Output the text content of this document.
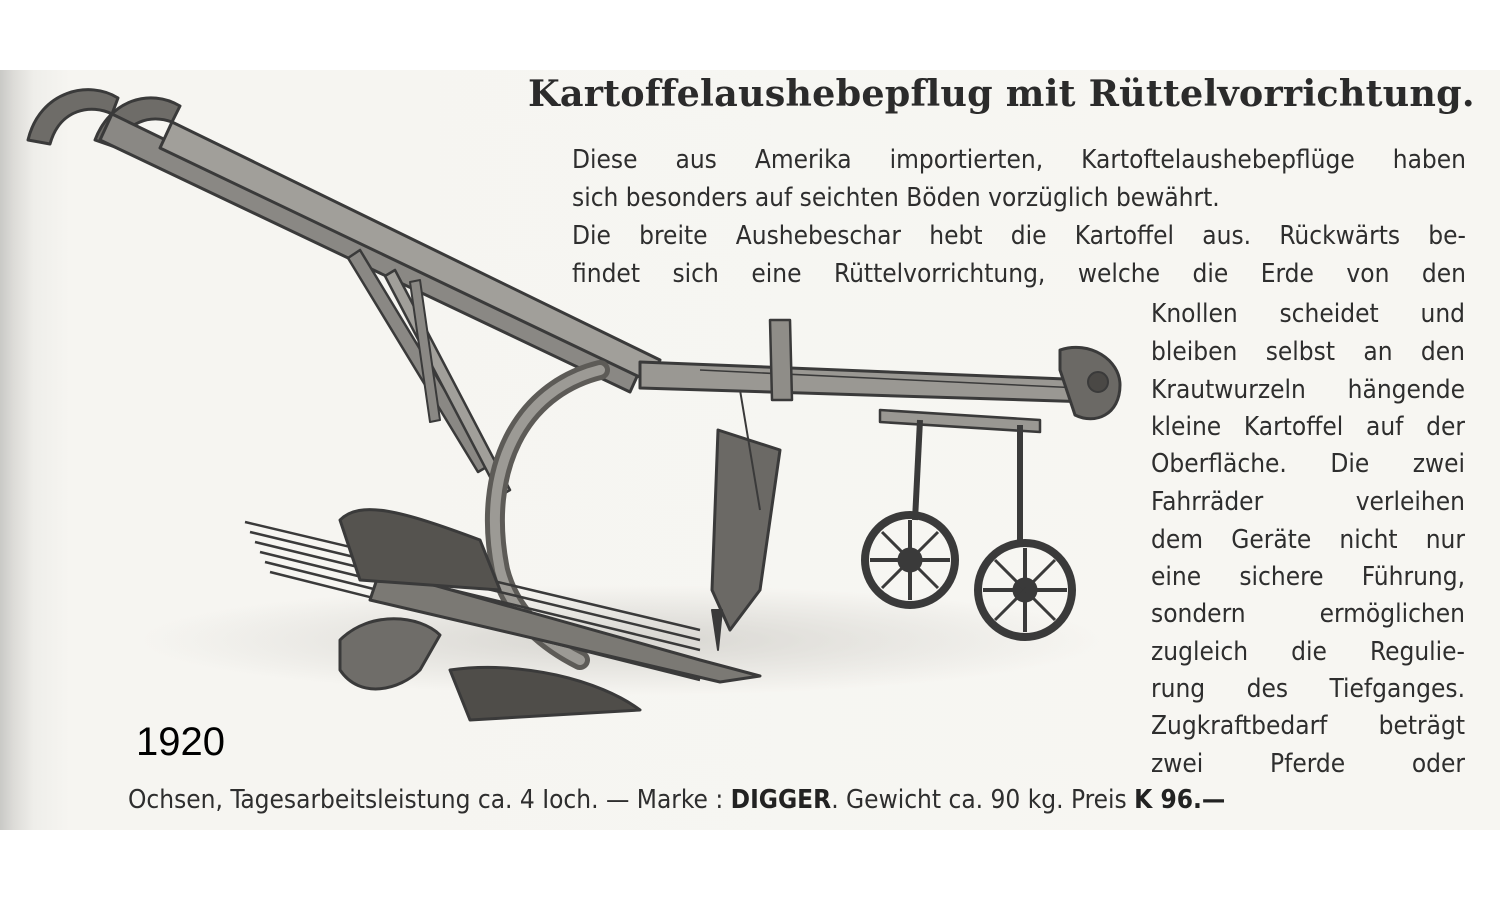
Kartoffelaushebepflug mit Rüttelvorrichtung.
Diese aus Amerika importierten, Kartoftelaushebepflüge haben
sich besonders auf seichten Böden vorzüglich bewährt.
Die breite Aushebeschar hebt die Kartoffel aus. Rückwärts be-
findet sich eine Rüttelvorrichtung, welche die Erde von den
Knollen scheidet und
bleiben selbst an den
Krautwurzeln hängende
kleine Kartoffel auf der
Oberfläche. Die zwei
Fahrräder verleihen
dem Geräte nicht nur
eine sichere Führung,
sondern ermöglichen
zugleich die Regulie-
rung des Tiefganges.
Zugkraftbedarf beträgt
zwei Pferde oder
Ochsen, Tagesarbeitsleistung ca. 4 Ioch. — Marke : DIGGER. Gewicht ca. 90 kg. Preis K 96.—
1920
